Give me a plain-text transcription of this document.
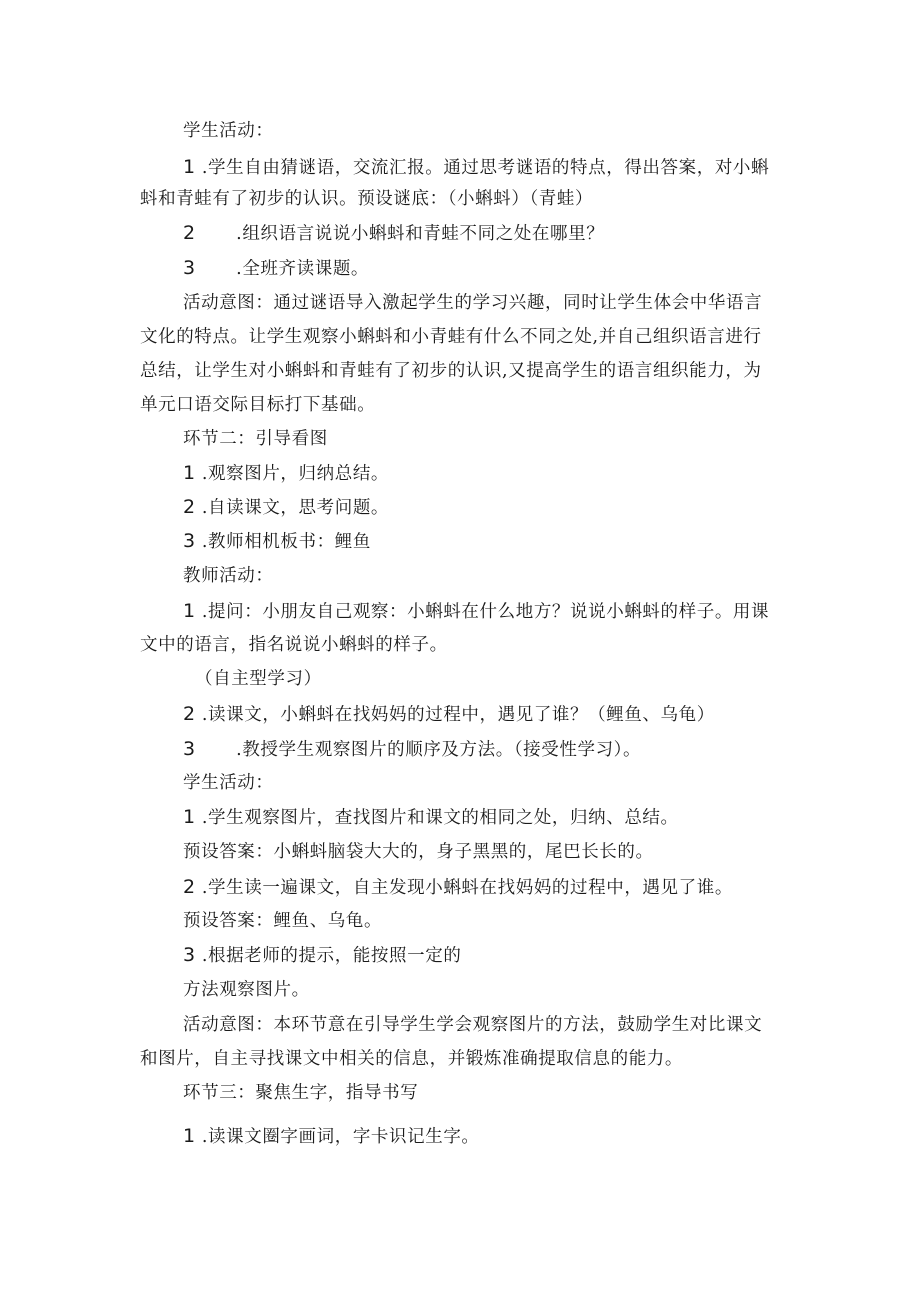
学生活动：
1 .学生自由猜谜语，交流汇报。通过思考谜语的特点，得出答案，对小蝌
蚪和青蛙有了初步的认识。预设谜底：（小蝌蚪）（青蛙）
2 .组织语言说说小蝌蚪和青蛙不同之处在哪里？
3 .全班齐读课题。
活动意图：通过谜语导入激起学生的学习兴趣，同时让学生体会中华语言
文化的特点。让学生观察小蝌蚪和小青蛙有什么不同之处,并自己组织语言进行
总结，让学生对小蝌蚪和青蛙有了初步的认识,又提高学生的语言组织能力，为
单元口语交际目标打下基础。
环节二：引导看图
1 .观察图片，归纳总结。
2 .自读课文，思考问题。
3 .教师相机板书：鲤鱼
教师活动：
1 .提问：小朋友自己观察：小蝌蚪在什么地方？说说小蝌蚪的样子。用课
文中的语言，指名说说小蝌蚪的样子。
（自主型学习）
2 .读课文，小蝌蚪在找妈妈的过程中，遇见了谁？（鲤鱼、乌龟）
3 .教授学生观察图片的顺序及方法。（接受性学习）。
学生活动：
1 .学生观察图片，查找图片和课文的相同之处，归纳、总结。
预设答案：小蝌蚪脑袋大大的，身子黑黑的，尾巴长长的。
2 .学生读一遍课文，自主发现小蝌蚪在找妈妈的过程中，遇见了谁。
预设答案：鲤鱼、乌龟。
3 .根据老师的提示，能按照一定的
方法观察图片。
活动意图：本环节意在引导学生学会观察图片的方法，鼓励学生对比课文
和图片，自主寻找课文中相关的信息，并锻炼准确提取信息的能力。
环节三：聚焦生字，指导书写
1 .读课文圈字画词，字卡识记生字。
